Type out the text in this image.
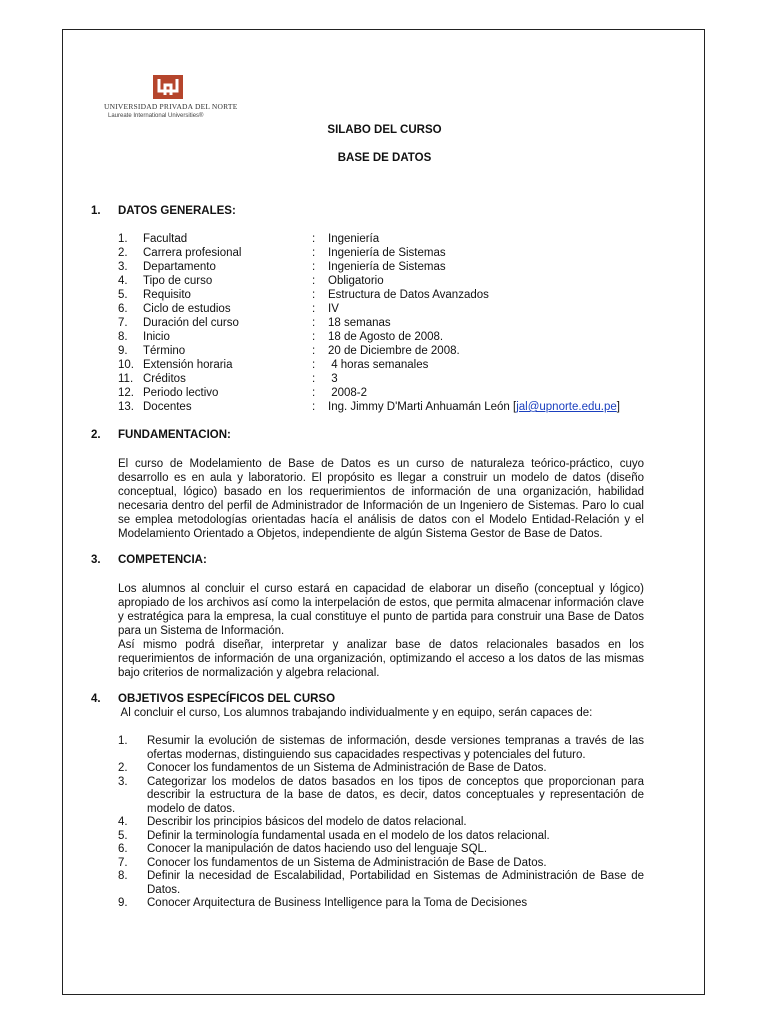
UNIVERSIDAD PRIVADA DEL NORTE
Laureate International Universities®
SILABO DEL CURSO
BASE DE DATOS
1. DATOS GENERALES:
1. Facultad	: Ingeniería
2. Carrera profesional	: Ingeniería de Sistemas
3. Departamento	: Ingeniería de Sistemas
4. Tipo de curso	: Obligatorio
5. Requisito	: Estructura de Datos Avanzados
6. Ciclo de estudios	: IV
7. Duración del curso	: 18 semanas
8. Inicio	: 18 de Agosto de 2008.
9. Término	: 20 de Diciembre de 2008.
10. Extensión horaria	: 4 horas semanales
11. Créditos	: 3
12. Periodo lectivo	: 2008-2
13. Docentes	: Ing. Jimmy D'Marti Anhuamán León [jal@upnorte.edu.pe]
2. FUNDAMENTACION:
El curso de Modelamiento de Base de Datos es un curso de naturaleza teórico-práctico, cuyo desarrollo es en aula y laboratorio. El propósito es llegar a construir un modelo de datos (diseño conceptual, lógico) basado en los requerimientos de información de una organización, habilidad necesaria dentro del perfil de Administrador de Información de un Ingeniero de Sistemas. Paro lo cual se emplea metodologías orientadas hacía el análisis de datos con el Modelo Entidad-Relación y el Modelamiento Orientado a Objetos, independiente de algún Sistema Gestor de Base de Datos.
3. COMPETENCIA:
Los alumnos al concluir el curso estará en capacidad de elaborar un diseño (conceptual y lógico) apropiado de los archivos así como la interpelación de estos, que permita almacenar información clave y estratégica para la empresa, la cual constituye el punto de partida para construir una Base de Datos para un Sistema de Información.
Así mismo podrá diseñar, interpretar y analizar base de datos relacionales basados en los requerimientos de información de una organización, optimizando el acceso a los datos de las mismas bajo criterios de normalización y algebra relacional.
4. OBJETIVOS ESPECÍFICOS DEL CURSO
Al concluir el curso, Los alumnos trabajando individualmente y en equipo, serán capaces de:
1. Resumir la evolución de sistemas de información, desde versiones tempranas a través de las ofertas modernas, distinguiendo sus capacidades respectivas y potenciales del futuro.
2. Conocer los fundamentos de un Sistema de Administración de Base de Datos.
3. Categorizar los modelos de datos basados en los tipos de conceptos que proporcionan para describir la estructura de la base de datos, es decir, datos conceptuales y representación de modelo de datos.
4. Describir los principios básicos del modelo de datos relacional.
5. Definir la terminología fundamental usada en el modelo de los datos relacional.
6. Conocer la manipulación de datos haciendo uso del lenguaje SQL.
7. Conocer los fundamentos de un Sistema de Administración de Base de Datos.
8. Definir la necesidad de Escalabilidad, Portabilidad en Sistemas de Administración de Base de Datos.
9. Conocer Arquitectura de Business Intelligence para la Toma de Decisiones
